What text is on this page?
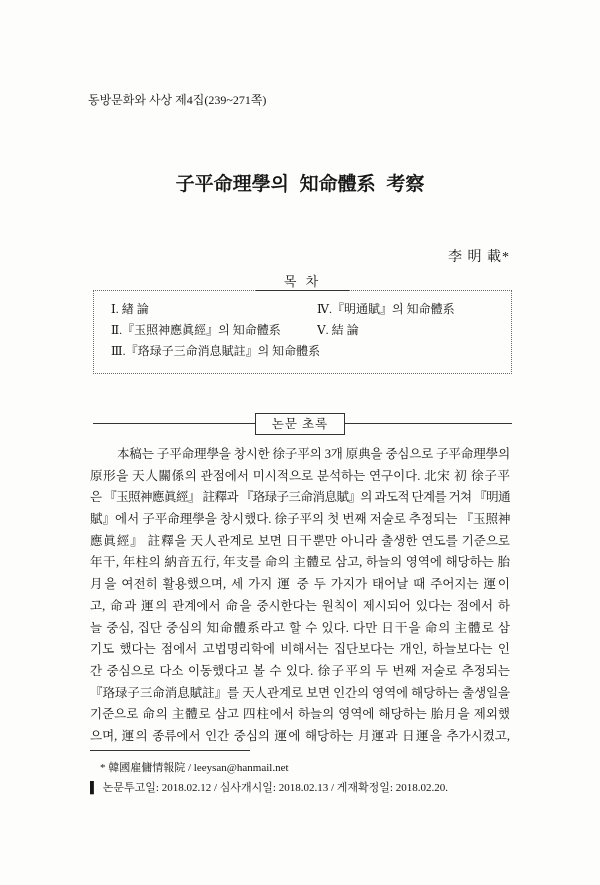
동방문화와 사상 제4집(239~271쪽)
子平命理學의 知命體系 考察
李 明 載*
목 차
Ⅰ. 緖 論
Ⅱ.『玉照神應眞經』의 知命體系
Ⅲ.『珞琭子三命消息賦註』의 知命體系
Ⅳ.『明通賦』의 知命體系
Ⅴ. 結 論
논문 초록
本稿는 子平命理學을 창시한 徐子平의 3개 原典을 중심으로 子平命理學의
原形을 天人關係의 관점에서 미시적으로 분석하는 연구이다. 北宋 初 徐子平
은 『玉照神應眞經』 註釋과 『珞琭子三命消息賦』의 과도적 단계를 거쳐 『明通
賦』에서 子平命理學을 창시했다. 徐子平의 첫 번째 저술로 추정되는 『玉照神
應眞經』 註釋을 天人관계로 보면 日干뿐만 아니라 출생한 연도를 기준으로
年干, 年柱의 納音五行, 年支를 命의 主體로 삼고, 하늘의 영역에 해당하는 胎
月을 여전히 활용했으며, 세 가지 運 중 두 가지가 태어날 때 주어지는 運이
고, 命과 運의 관계에서 命을 중시한다는 원칙이 제시되어 있다는 점에서 하
늘 중심, 집단 중심의 知命體系라고 할 수 있다. 다만 日干을 命의 主體로 삼
기도 했다는 점에서 고법명리학에 비해서는 집단보다는 개인, 하늘보다는 인
간 중심으로 다소 이동했다고 볼 수 있다. 徐子平의 두 번째 저술로 추정되는
『珞琭子三命消息賦註』를 天人관계로 보면 인간의 영역에 해당하는 출생일을
기준으로 命의 主體로 삼고 四柱에서 하늘의 영역에 해당하는 胎月을 제외했
으며, 運의 종류에서 인간 중심의 運에 해당하는 月運과 日運을 추가시켰고,
* 韓國雇傭情報院 / leeysan@hanmail.net
▌ 논문투고일: 2018.02.12 / 심사개시일: 2018.02.13 / 게재확정일: 2018.02.20.
